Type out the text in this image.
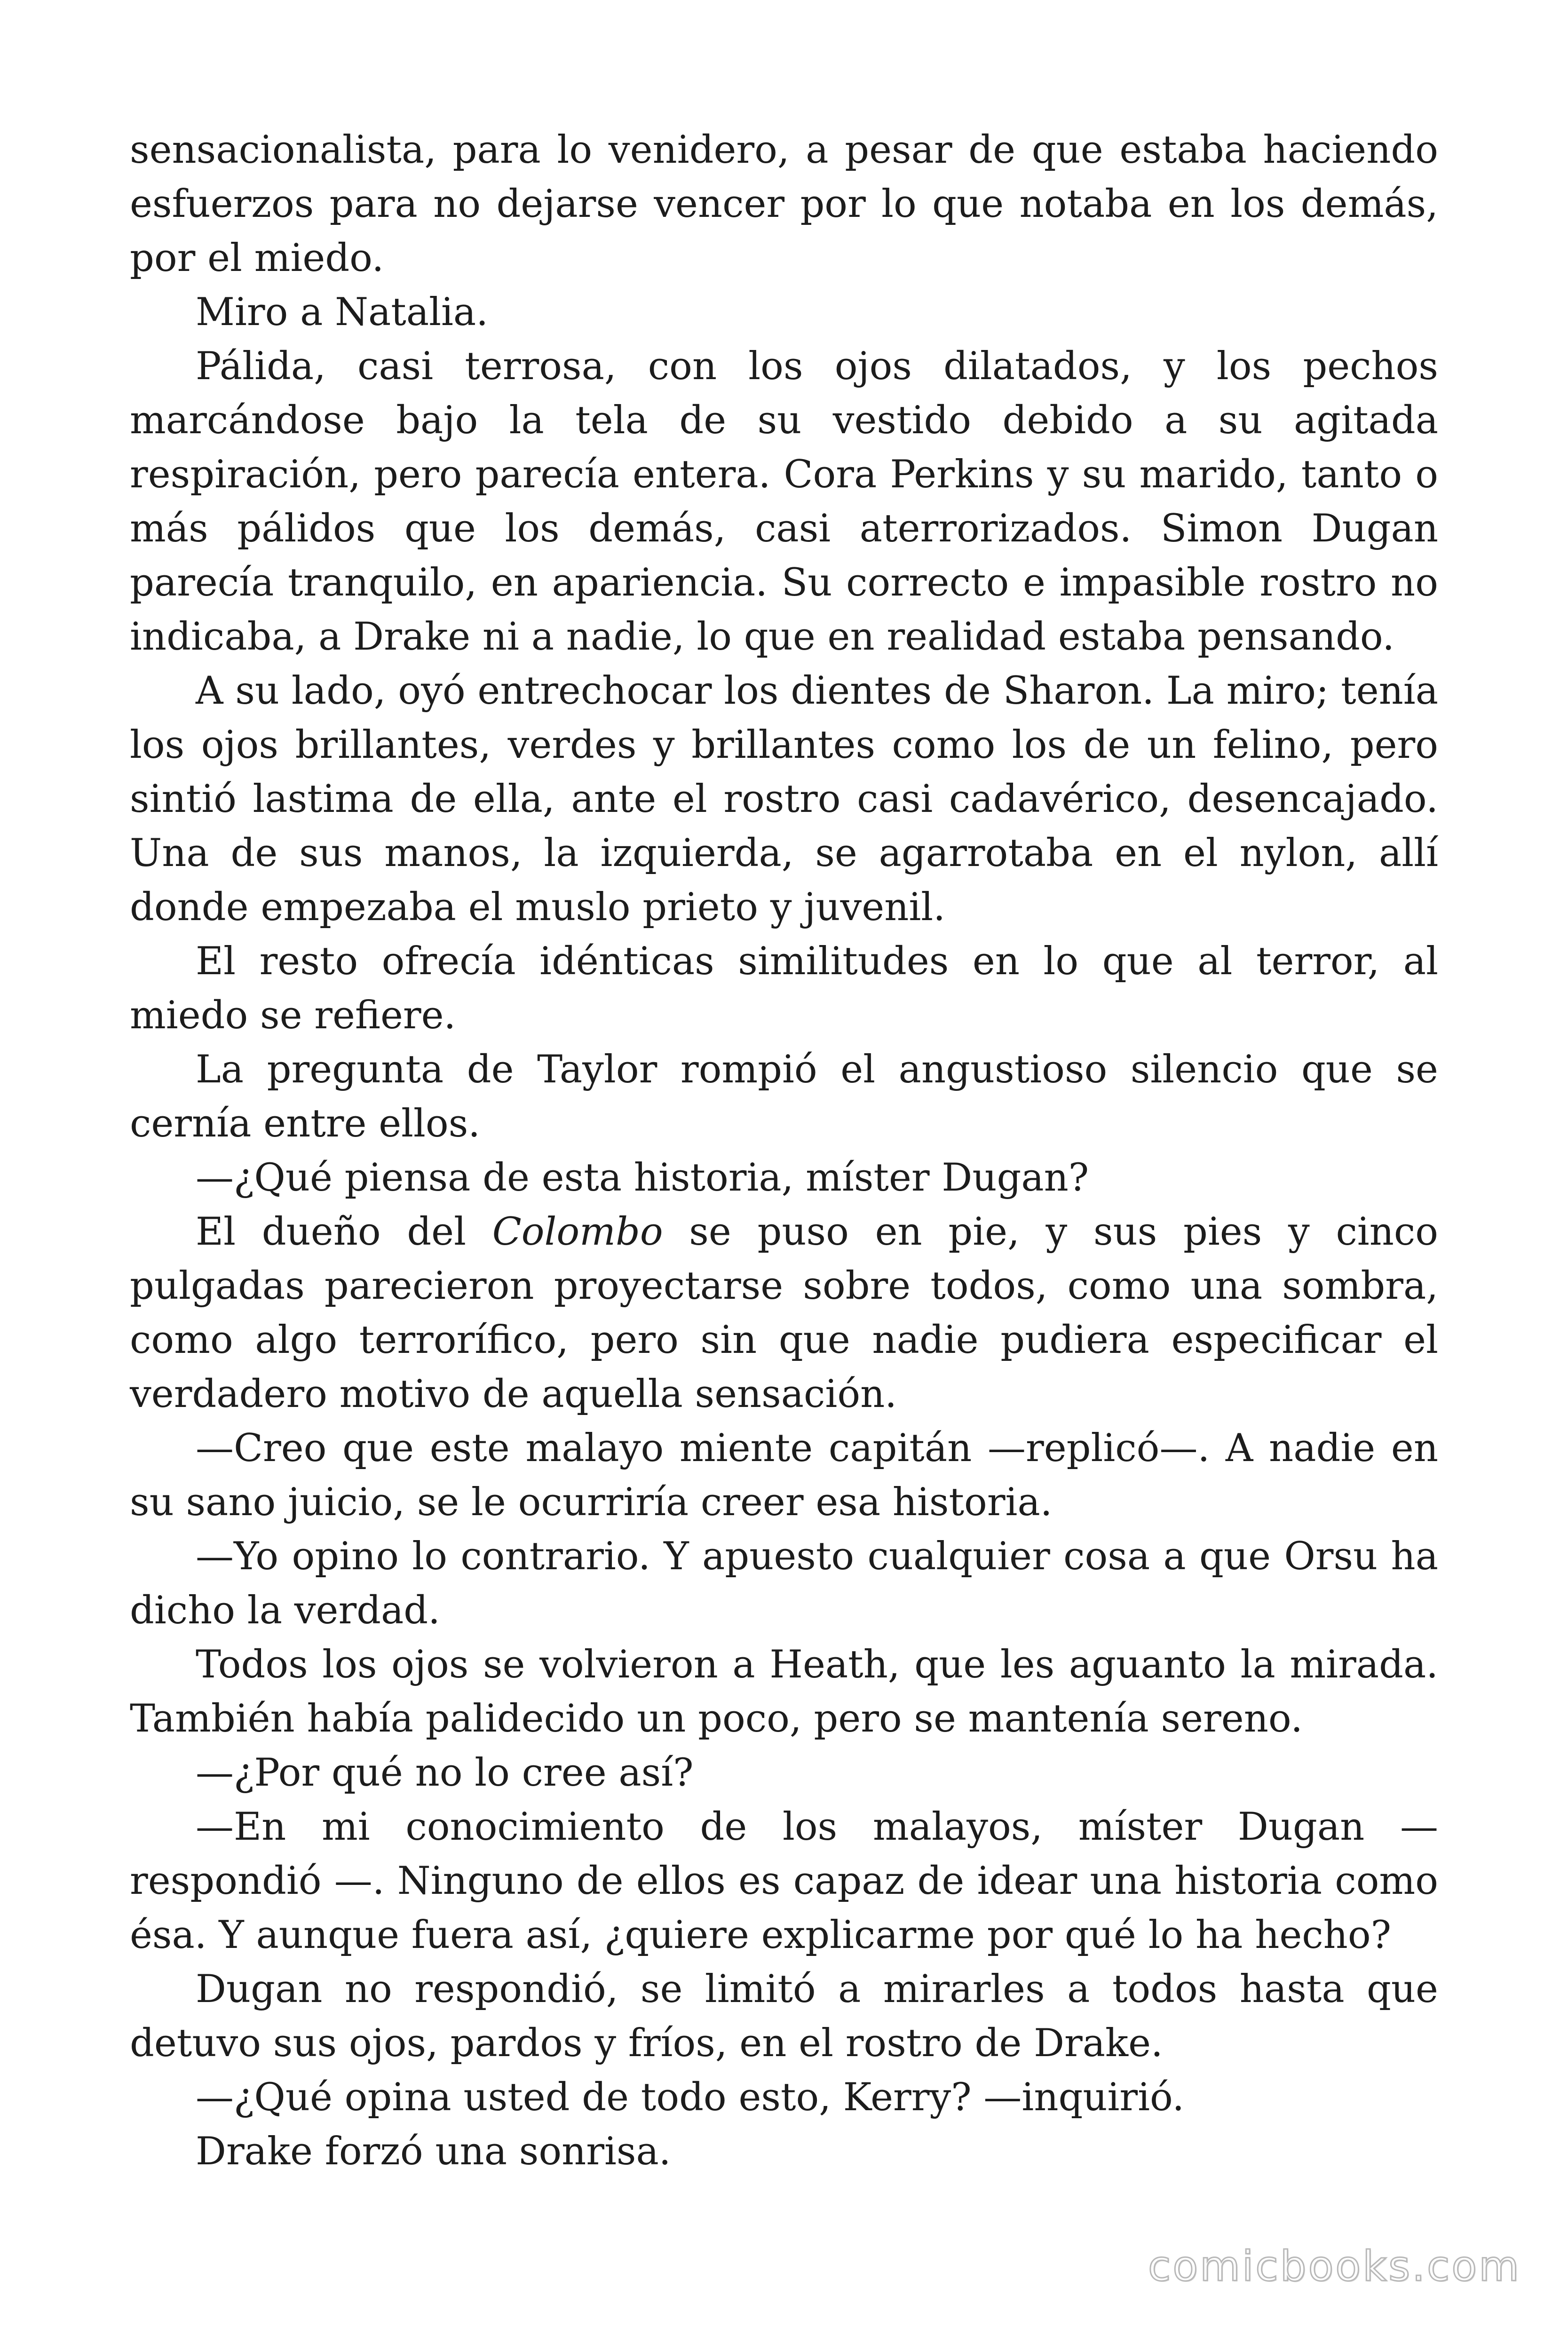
sensacionalista, para lo venidero, a pesar de que estaba haciendo esfuerzos para no dejarse vencer por lo que notaba en los demás, por el miedo.

Miro a Natalia.

Pálida, casi terrosa, con los ojos dilatados, y los pechos marcándose bajo la tela de su vestido debido a su agitada respiración, pero parecía entera. Cora Perkins y su marido, tanto o más pálidos que los demás, casi aterrorizados. Simon Dugan parecía tranquilo, en apariencia. Su correcto e impasible rostro no indicaba, a Drake ni a nadie, lo que en realidad estaba pensando.

A su lado, oyó entrechocar los dientes de Sharon. La miro; tenía los ojos brillantes, verdes y brillantes como los de un felino, pero sintió lastima de ella, ante el rostro casi cadavérico, desencajado. Una de sus manos, la izquierda, se agarrotaba en el nylon, allí donde empezaba el muslo prieto y juvenil.

El resto ofrecía idénticas similitudes en lo que al terror, al miedo se refiere.

La pregunta de Taylor rompió el angustioso silencio que se cernía entre ellos.

—¿Qué piensa de esta historia, míster Dugan?

El dueño del Colombo se puso en pie, y sus pies y cinco pulgadas parecieron proyectarse sobre todos, como una sombra, como algo terrorífico, pero sin que nadie pudiera especificar el verdadero motivo de aquella sensación.

—Creo que este malayo miente capitán —replicó—. A nadie en su sano juicio, se le ocurriría creer esa historia.

—Yo opino lo contrario. Y apuesto cualquier cosa a que Orsu ha dicho la verdad.

Todos los ojos se volvieron a Heath, que les aguanto la mirada. También había palidecido un poco, pero se mantenía sereno.

—¿Por qué no lo cree así?

—En mi conocimiento de los malayos, míster Dugan —respondió —. Ninguno de ellos es capaz de idear una historia como ésa. Y aunque fuera así, ¿quiere explicarme por qué lo ha hecho?

Dugan no respondió, se limitó a mirarles a todos hasta que detuvo sus ojos, pardos y fríos, en el rostro de Drake.

—¿Qué opina usted de todo esto, Kerry? —inquirió.

Drake forzó una sonrisa.

comicbooks.com
